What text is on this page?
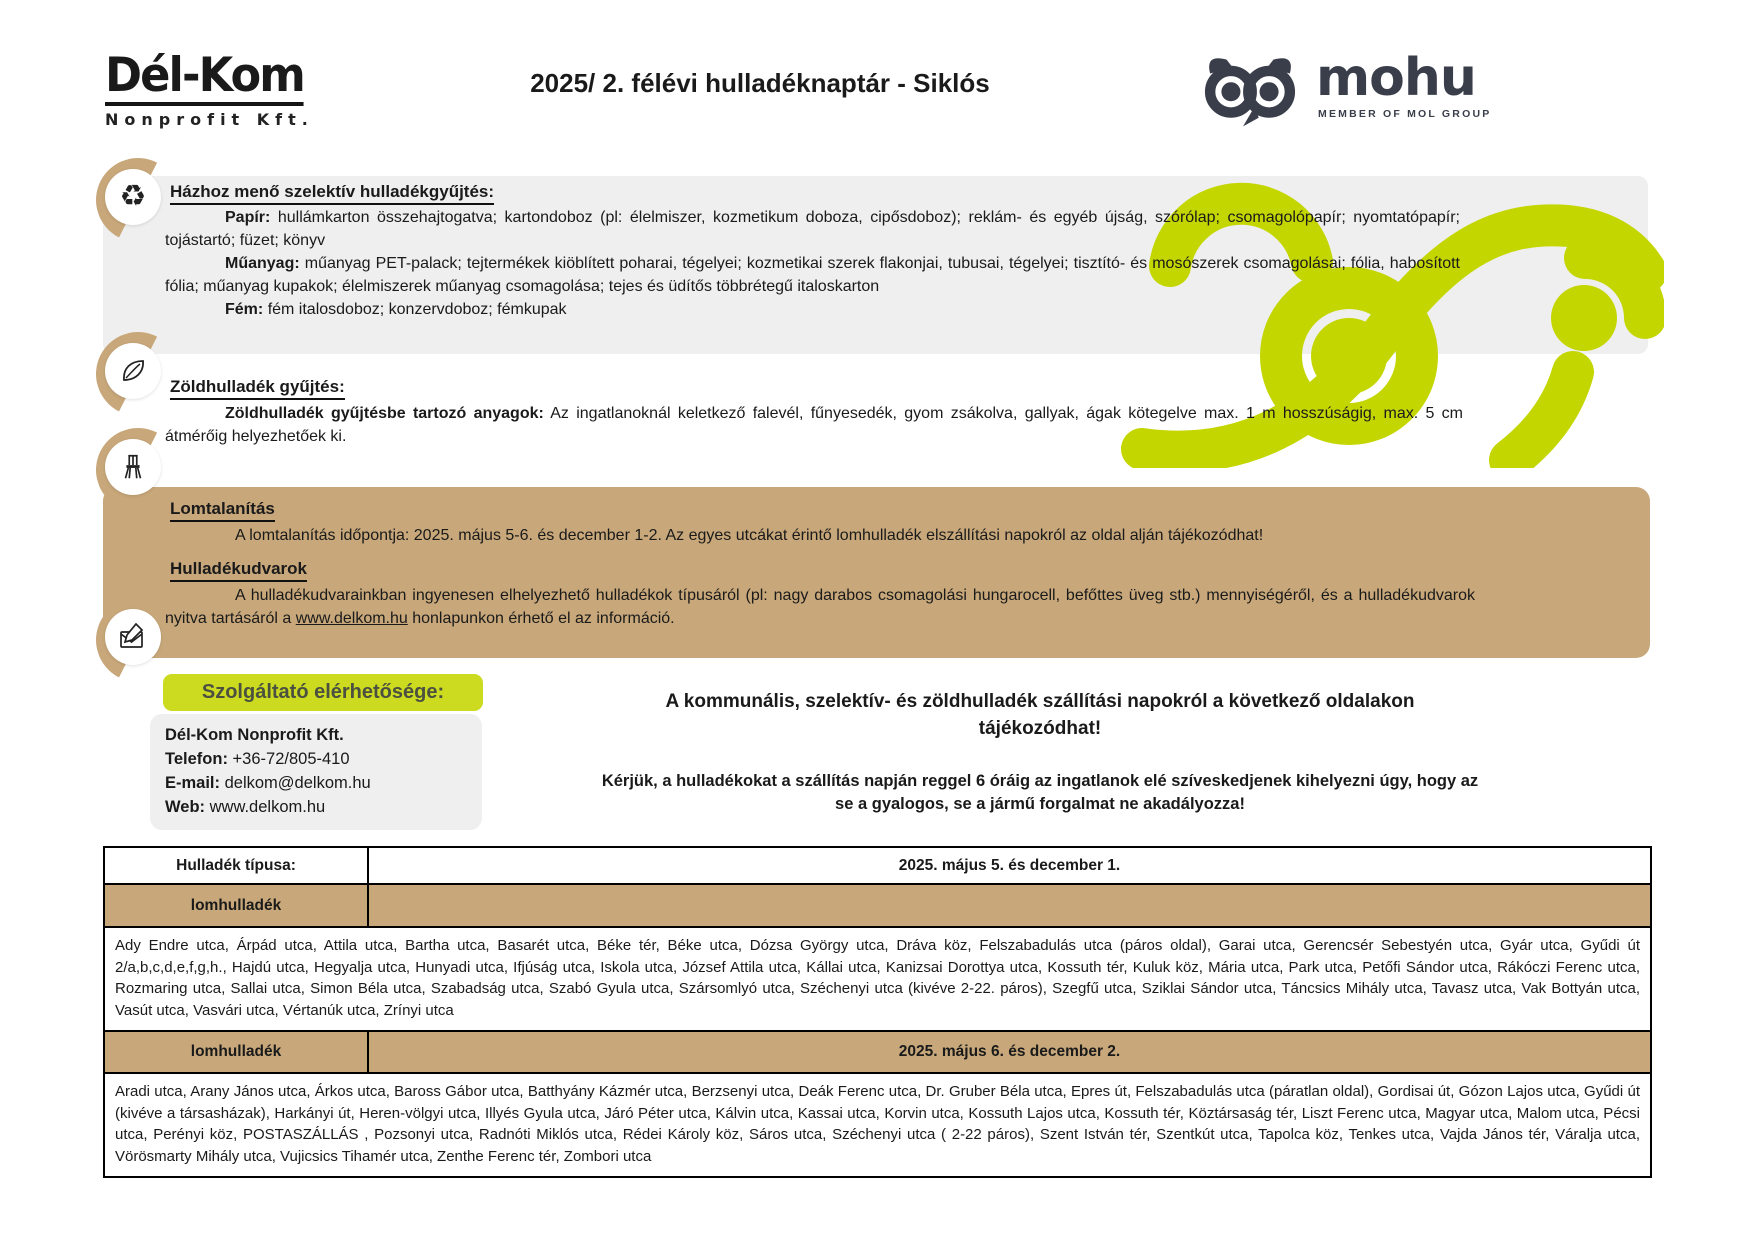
Dél-Kom
Nonprofit Kft.
2025/ 2. félévi hulladéknaptár - Siklós	mohu
MEMBER OF MOL GROUP
♻ Házhoz menő szelektív hulladékgyűjtés:

Papír: hullámkarton összehajtogatva; kartondoboz (pl: élelmiszer, kozmetikum doboza, cipősdoboz); reklám- és egyéb újság, szórólap; csomagolópapír; nyomtatópapír; tojástartó; füzet; könyv

Műanyag: műanyag PET-palack; tejtermékek kiöblített poharai, tégelyei; kozmetikai szerek flakonjai, tubusai, tégelyei; tisztító- és mosószerek csomagolásai; fólia, habosított fólia; műanyag kupakok; élelmiszerek műanyag csomagolása; tejes és üdítős többrétegű italoskarton

Fém: fém italosdoboz; konzervdoboz; fémkupak

Zöldhulladék gyűjtés:

Zöldhulladék gyűjtésbe tartozó anyagok: Az ingatlanoknál keletkező falevél, fűnyesedék, gyom zsákolva, gallyak, ágak kötegelve max. 1 m hosszúságig, max. 5 cm átmérőig helyezhetőek ki.

Lomtalanítás

A lomtalanítás időpontja: 2025. május 5-6. és december 1-2. Az egyes utcákat érintő lomhulladék elszállítási napokról az oldal alján tájékozódhat!

Hulladékudvarok

A hulladékudvarainkban ingyenesen elhelyezhető hulladékok típusáról (pl: nagy darabos csomagolási hungarocell, befőttes üveg stb.) mennyiségéről, és a hulladékudvarok nyitva tartásáról a www.delkom.hu honlapunkon érhető el az információ.

Szolgáltató elérhetősége:
Dél-Kom Nonprofit Kft.
Telefon: +36-72/805-410
E-mail: delkom@delkom.hu
Web: www.delkom.hu
A kommunális, szelektív- és zöldhulladék szállítási napokról a következő oldalakon tájékozódhat!
Kérjük, a hulladékokat a szállítás napján reggel 6 óráig az ingatlanok elé szíveskedjenek kihelyezni úgy, hogy az se a gyalogos, se a jármű forgalmat ne akadályozza!
Hulladék típusa:	2025. május 5. és december 1.
lomhulladék	
Ady Endre utca, Árpád utca, Attila utca, Bartha utca, Basarét utca, Béke tér, Béke utca, Dózsa György utca, Dráva köz, Felszabadulás utca (páros oldal), Garai utca, Gerencsér Sebestyén utca, Gyár utca, Gyűdi út 2/a,b,c,d,e,f,g,h., Hajdú utca, Hegyalja utca, Hunyadi utca, Ifjúság utca, Iskola utca, József Attila utca, Kállai utca, Kanizsai Dorottya utca, Kossuth tér, Kuluk köz, Mária utca, Park utca, Petőfi Sándor utca, Rákóczi Ferenc utca, Rozmaring utca, Sallai utca, Simon Béla utca, Szabadság utca, Szabó Gyula utca, Szársomlyó utca, Széchenyi utca (kivéve 2-22. páros), Szegfű utca, Sziklai Sándor utca, Táncsics Mihály utca, Tavasz utca, Vak Bottyán utca, Vasút utca, Vasvári utca, Vértanúk utca, Zrínyi utca	
lomhulladék	2025. május 6. és december 2.
Aradi utca, Arany János utca, Árkos utca, Baross Gábor utca, Batthyány Kázmér utca, Berzsenyi utca, Deák Ferenc utca, Dr. Gruber Béla utca, Epres út, Felszabadulás utca (páratlan oldal), Gordisai út, Gózon Lajos utca, Gyűdi út (kivéve a társasházak), Harkányi út, Heren-völgyi utca, Illyés Gyula utca, Járó Péter utca, Kálvin utca, Kassai utca, Korvin utca, Kossuth Lajos utca, Kossuth tér, Köztársaság tér, Liszt Ferenc utca, Magyar utca, Malom utca, Pécsi utca, Perényi köz, POSTASZÁLLÁS , Pozsonyi utca, Radnóti Miklós utca, Rédei Károly köz, Sáros utca, Széchenyi utca ( 2-22 páros), Szent István tér, Szentkút utca, Tapolca köz, Tenkes utca, Vajda János tér, Váralja utca, Vörösmarty Mihály utca, Vujicsics Tihamér utca, Zenthe Ferenc tér, Zombori utca	
